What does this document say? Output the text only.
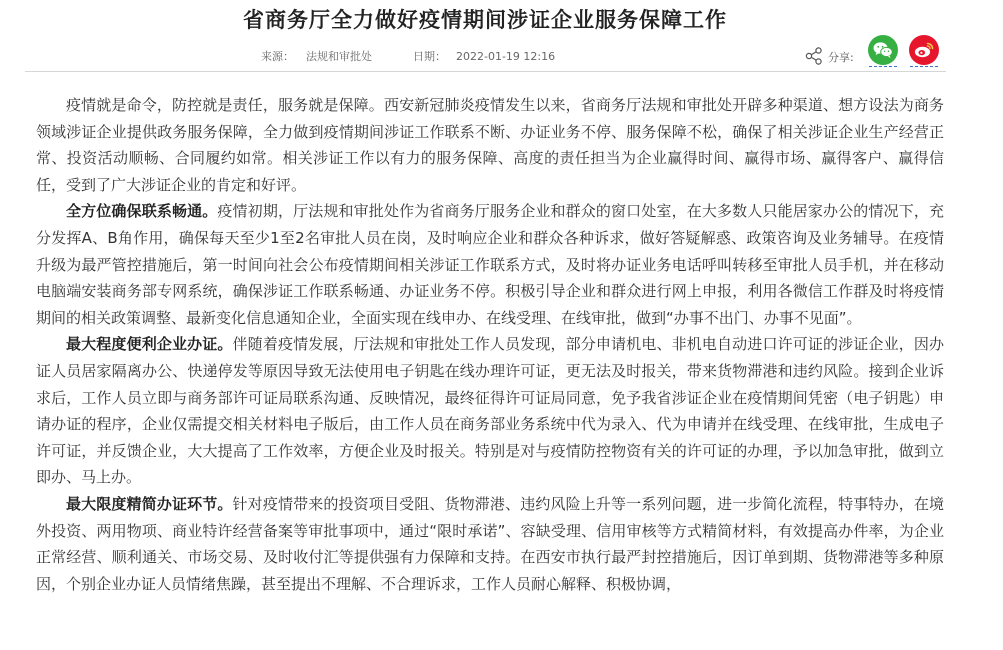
省商务厅全力做好疫情期间涉证企业服务保障工作
来源： 法规和审批处	日期： 2022-01-19 12:16	分享:

疫情就是命令，防控就是责任，服务就是保障。西安新冠肺炎疫情发生以来，省商务厅法规和审批处开辟多种渠道、想方设法为商务领域涉证企业提供政务服务保障，全力做到疫情期间涉证工作联系不断、办证业务不停、服务保障不松，确保了相关涉证企业生产经营正常、投资活动顺畅、合同履约如常。相关涉证工作以有力的服务保障、高度的责任担当为企业赢得时间、赢得市场、赢得客户、赢得信任，受到了广大涉证企业的肯定和好评。

全方位确保联系畅通。疫情初期，厅法规和审批处作为省商务厅服务企业和群众的窗口处室，在大多数人只能居家办公的情况下，充分发挥A、B角作用，确保每天至少1至2名审批人员在岗，及时响应企业和群众各种诉求，做好答疑解惑、政策咨询及业务辅导。在疫情升级为最严管控措施后，第一时间向社会公布疫情期间相关涉证工作联系方式，及时将办证业务电话呼叫转移至审批人员手机，并在移动电脑端安装商务部专网系统，确保涉证工作联系畅通、办证业务不停。积极引导企业和群众进行网上申报，利用各微信工作群及时将疫情期间的相关政策调整、最新变化信息通知企业，全面实现在线申办、在线受理、在线审批，做到“办事不出门、办事不见面”。

最大程度便利企业办证。伴随着疫情发展，厅法规和审批处工作人员发现，部分申请机电、非机电自动进口许可证的涉证企业，因办证人员居家隔离办公、快递停发等原因导致无法使用电子钥匙在线办理许可证，更无法及时报关，带来货物滞港和违约风险。接到企业诉求后，工作人员立即与商务部许可证局联系沟通、反映情况，最终征得许可证局同意，免予我省涉证企业在疫情期间凭密（电子钥匙）申请办证的程序，企业仅需提交相关材料电子版后，由工作人员在商务部业务系统中代为录入、代为申请并在线受理、在线审批，生成电子许可证，并反馈企业，大大提高了工作效率，方便企业及时报关。特别是对与疫情防控物资有关的许可证的办理，予以加急审批，做到立即办、马上办。

最大限度精简办证环节。针对疫情带来的投资项目受阻、货物滞港、违约风险上升等一系列问题，进一步简化流程，特事特办，在境外投资、两用物项、商业特许经营备案等审批事项中，通过“限时承诺”、容缺受理、信用审核等方式精简材料，有效提高办件率，为企业正常经营、顺利通关、市场交易、及时收付汇等提供强有力保障和支持。在西安市执行最严封控措施后，因订单到期、货物滞港等多种原因，个别企业办证人员情绪焦躁，甚至提出不理解、不合理诉求，工作人员耐心解释、积极协调，
